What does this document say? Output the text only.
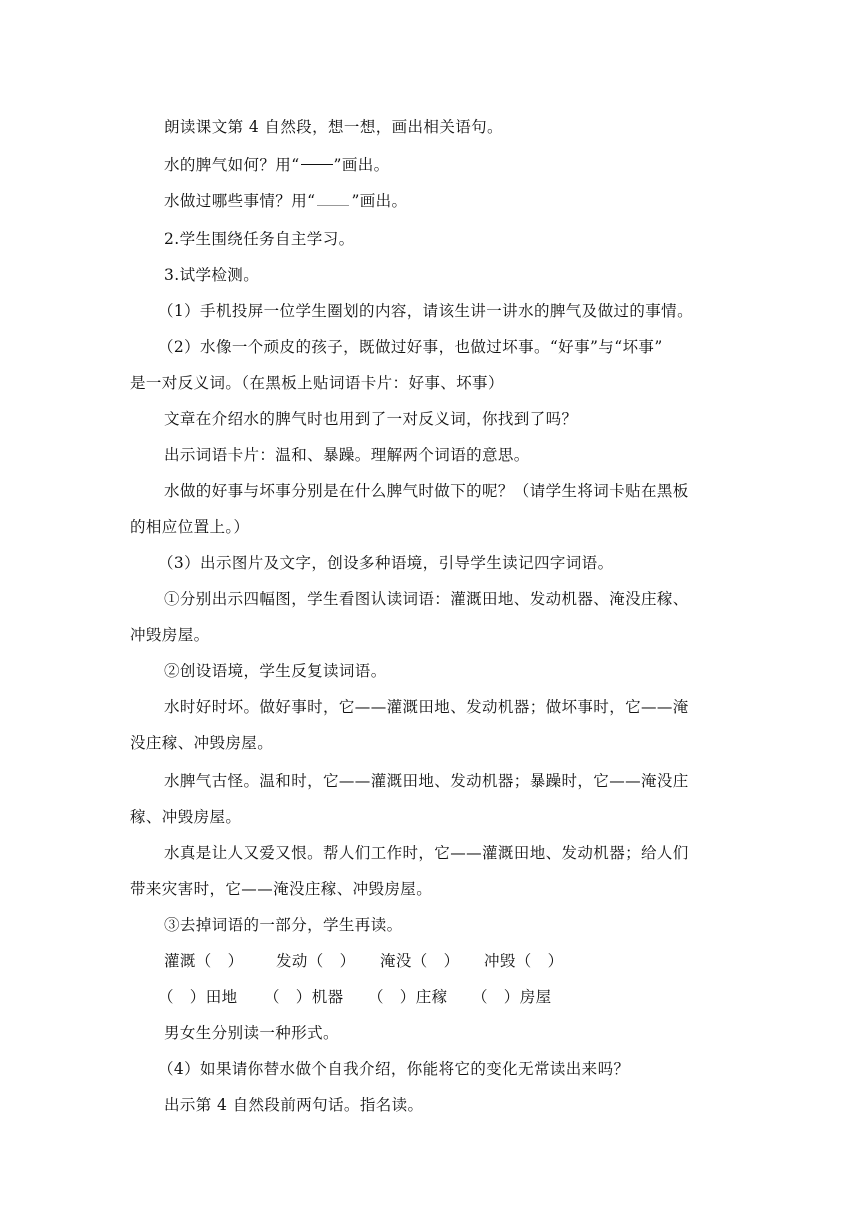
朗读课文第 4 自然段，想一想，画出相关语句。
水的脾气如何？用“ ”画出。
水做过哪些事情？用“ ”画出。
2.学生围绕任务自主学习。
3.试学检测。
（1）手机投屏一位学生圈划的内容，请该生讲一讲水的脾气及做过的事情。
（2）水像一个顽皮的孩子，既做过好事，也做过坏事。“好事”与“坏事”
是一对反义词。（在黑板上贴词语卡片：好事、坏事）
文章在介绍水的脾气时也用到了一对反义词，你找到了吗？
出示词语卡片：温和、暴躁。理解两个词语的意思。
水做的好事与坏事分别是在什么脾气时做下的呢？（请学生将词卡贴在黑板
的相应位置上。）
（3）出示图片及文字，创设多种语境，引导学生读记四字词语。
①分别出示四幅图，学生看图认读词语：灌溉田地、发动机器、淹没庄稼、
冲毁房屋。
②创设语境，学生反复读词语。
水时好时坏。做好事时，它——灌溉田地、发动机器；做坏事时，它——淹
没庄稼、冲毁房屋。
水脾气古怪。温和时，它——灌溉田地、发动机器；暴躁时，它——淹没庄
稼、冲毁房屋。
水真是让人又爱又恨。帮人们工作时，它——灌溉田地、发动机器；给人们
带来灾害时，它——淹没庄稼、冲毁房屋。
③去掉词语的一部分，学生再读。
灌溉（　） 发动（　） 淹没（　） 冲毁（　）
（　）田地 （　）机器 （　）庄稼 （　）房屋
男女生分别读一种形式。
（4）如果请你替水做个自我介绍，你能将它的变化无常读出来吗？
出示第 4 自然段前两句话。指名读。
